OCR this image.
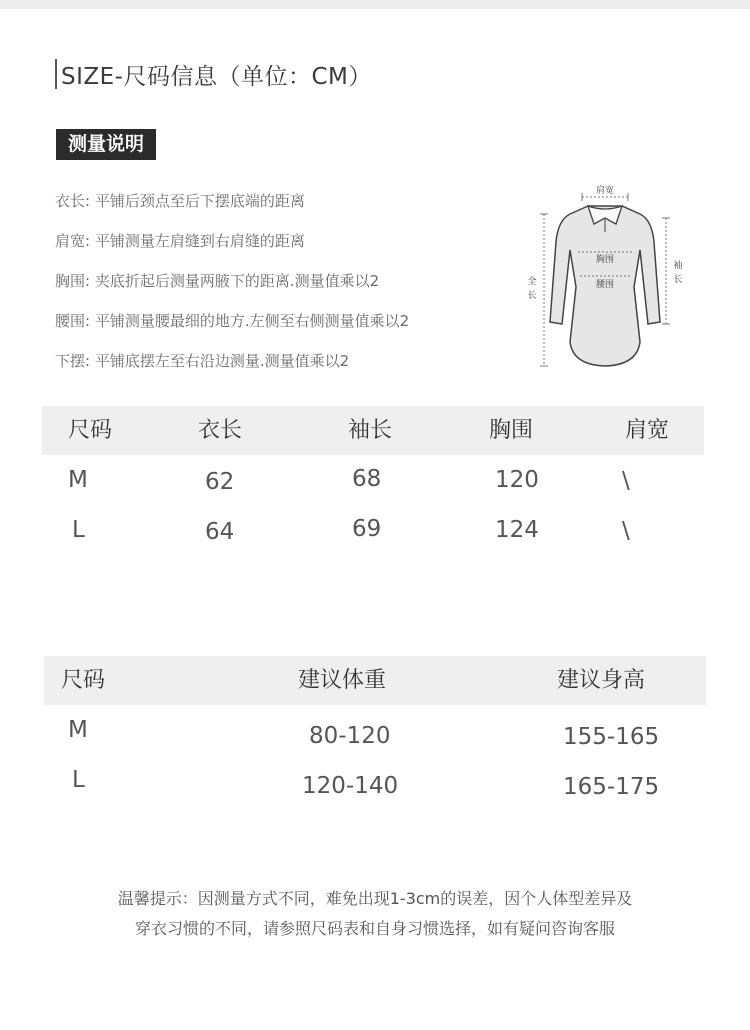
SIZE-尺码信息（单位：CM）
测量说明
衣长: 平铺后颈点至后下摆底端的距离
肩宽: 平铺测量左肩缝到右肩缝的距离
胸围: 夹底折起后测量两腋下的距离.测量值乘以2
腰围: 平铺测量腰最细的地方.左侧至右侧测量值乘以2
下摆: 平铺底摆左至右沿边测量.测量值乘以2
肩宽
胸围
腰围
全
长
袖
长
尺码	衣长	袖长	胸围	肩宽
M	62	68	120	\
L	64	69	124	\
尺码	建议体重	建议身高
M	80-120	155-165
L	120-140	165-175
温馨提示：因测量方式不同，难免出现1-3cm的误差，因个人体型差异及
穿衣习惯的不同，请参照尺码表和自身习惯选择，如有疑问咨询客服
